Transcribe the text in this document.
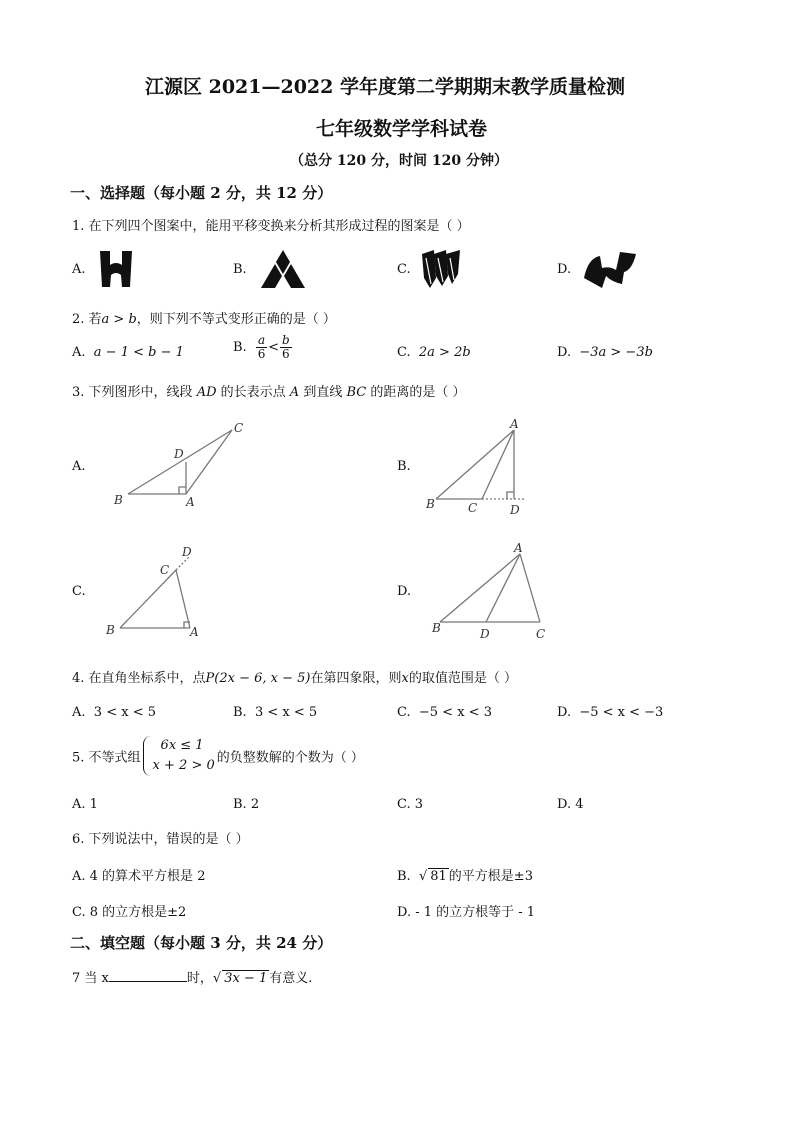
江源区 2021—2022 学年度第二学期期末教学质量检测
七年级数学学科试卷
（总分 120 分，时间 120 分钟）
一、选择题（每小题 2 分，共 12 分）
1. 在下列四个图案中，能用平移变换来分析其形成过程的图案是（ ）
A.	B.	C.	D.
2. 若a > b，则下列不等式变形正确的是（ ）
A. a − 1 < b − 1	B. $\frac{a}{6} < \frac{b}{6}$	C. 2a > 2b	D. −3a > −3b
3. 下列图形中，线段 AD 的长表示点 A 到直线 BC 的距离的是（ ）
A.
B	A
C
D
B.
B	C
A
D
C.
B
C
A
D
D.
B	D	C
A
4. 在直角坐标系中，点P(2x − 6, x − 5)在第四象限，则x的取值范围是（ ）
A. 3 < x < 5	B. 3 < x < 5	C. −5 < x < 3	D. −5 < x < −3
5. 不等式组
6x ≤ 1
x + 2 > 0 的负整数解的个数为（ ）
A. 1	B. 2	C. 3	D. 4
6. 下列说法中，错误的是（ ）
A. 4 的算术平方根是 2	B.  √ 81 的平方根是±3
C. 8 的立方根是±2	D. - 1 的立方根等于 - 1
二、填空题（每小题 3 分，共 24 分）
7 当 x	时，√ 3x − 1 有意义.
